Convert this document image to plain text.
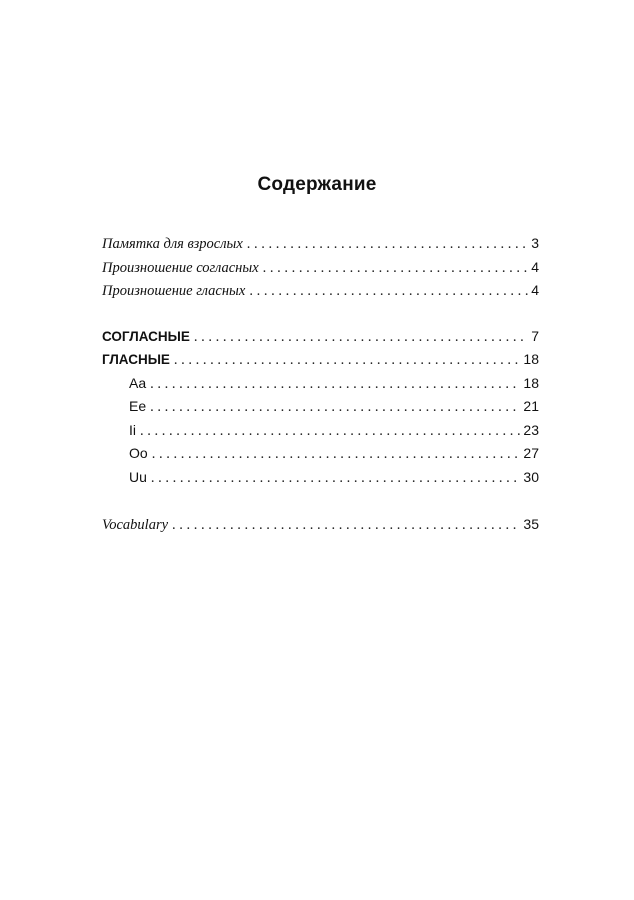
Содержание
Памятка для взрослых . . .	3
Произношение согласных . . .	4
Произношение гласных . . .	4
СОГЛАСНЫЕ . . .	7
ГЛАСНЫЕ . . .	18
Aa . . .	18
Ee . . .	21
Ii . . .	23
Oo . . .	27
Uu . . .	30
Vocabulary . . .	35
